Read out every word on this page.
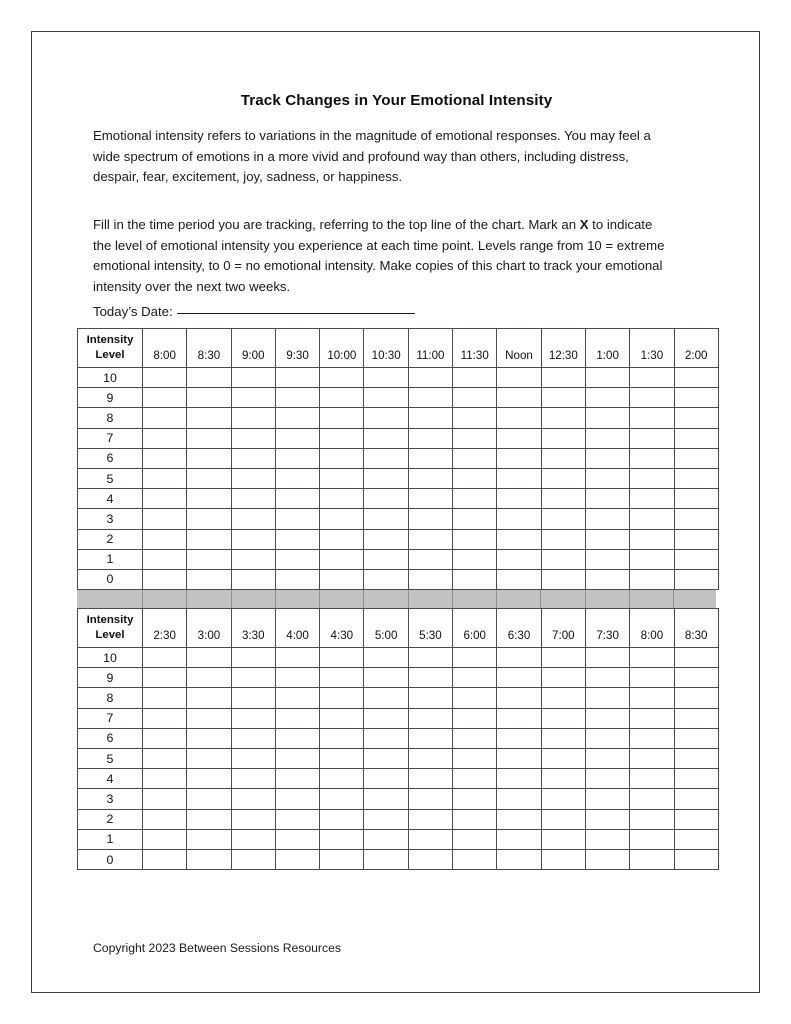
Track Changes in Your Emotional Intensity
Emotional intensity refers to variations in the magnitude of emotional responses. You may feel a wide spectrum of emotions in a more vivid and profound way than others, including distress, despair, fear, excitement, joy, sadness, or happiness.
Fill in the time period you are tracking, referring to the top line of the chart. Mark an X to indicate the level of emotional intensity you experience at each time point. Levels range from 10 = extreme emotional intensity, to 0 = no emotional intensity. Make copies of this chart to track your emotional intensity over the next two weeks.
Today’s Date:
Intensity
Level	8:00	8:30	9:00	9:30	10:00	10:30	11:00	11:30	Noon	12:30	1:00	1:30	2:00
10													
9													
8													
7													
6													
5													
4													
3													
2													
1													
0													
Intensity
Level	2:30	3:00	3:30	4:00	4:30	5:00	5:30	6:00	6:30	7:00	7:30	8:00	8:30
10													
9													
8													
7													
6													
5													
4													
3													
2													
1													
0													
Copyright 2023 Between Sessions Resources
